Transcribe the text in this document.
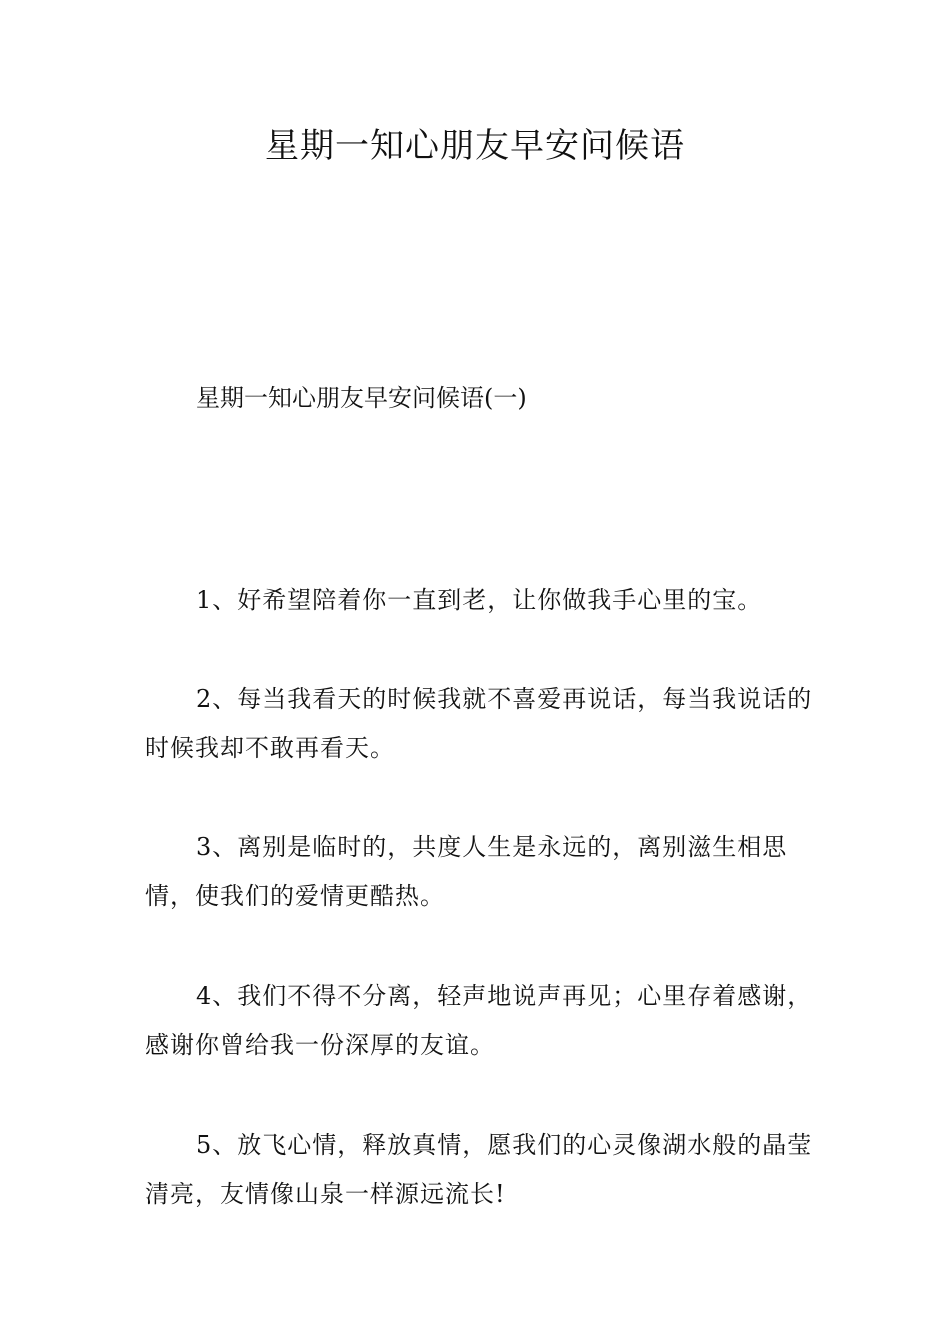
星期一知心朋友早安问候语
星期一知心朋友早安问候语(一)

1、好希望陪着你一直到老，让你做我手心里的宝。

2、每当我看天的时候我就不喜爱再说话，每当我说话的时候我却不敢再看天。

3、离别是临时的，共度人生是永远的，离别滋生相思情，使我们的爱情更酷热。

4、我们不得不分离，轻声地说声再见；心里存着感谢，感谢你曾给我一份深厚的友谊。

5、放飞心情，释放真情，愿我们的心灵像湖水般的晶莹清亮，友情像山泉一样源远流长!
